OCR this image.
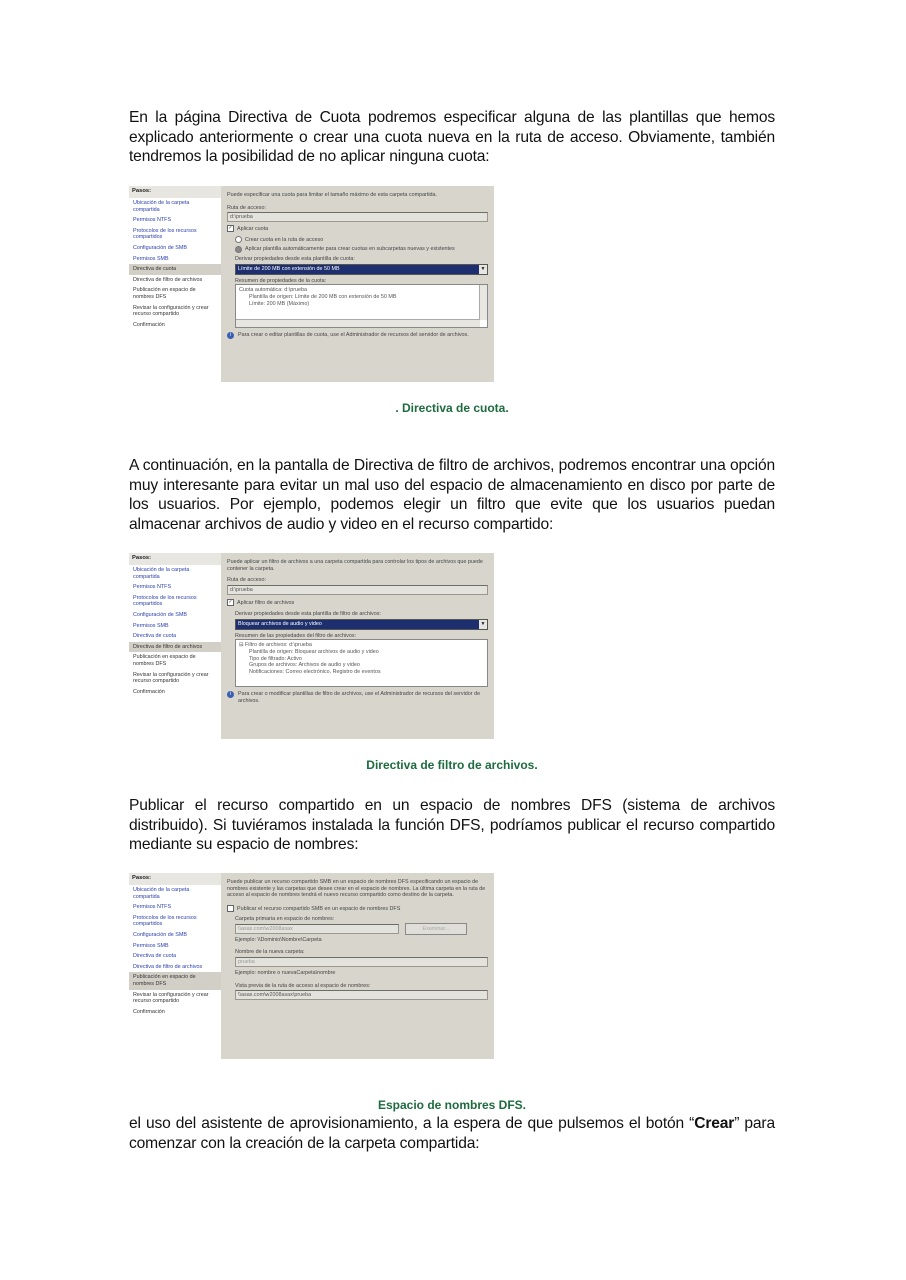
En la página Directiva de Cuota podremos especificar alguna de las plantillas que hemos explicado anteriormente o crear una cuota nueva en la ruta de acceso. Obviamente, también tendremos la posibilidad de no aplicar ninguna cuota:

Pasos:
Ubicación de la carpeta compartida
Permisos NTFS
Protocolos de los recursos compartidos
Configuración de SMB
Permisos SMB
Directiva de cuota
Directiva de filtro de archivos
Publicación en espacio de nombres DFS
Revisar la configuración y crear recurso compartido
Confirmación
Puede especificar una cuota para limitar el tamaño máximo de esta carpeta compartida.
Ruta de acceso:
d:\prueba
✓ Aplicar cuota
Crear cuota en la ruta de acceso
Aplicar plantilla automáticamente para crear cuotas en subcarpetas nuevas y existentes
Derivar propiedades desde esta plantilla de cuota:
Límite de 200 MB con extensión de 50 MB	▼
Resumen de propiedades de la cuota:
Cuota automática: d:\prueba
Plantilla de origen: Límite de 200 MB con extensión de 50 MB
Límite: 200 MB (Máximo)
i	Para crear o editar plantillas de cuota, use el Administrador de recursos del servidor de archivos.
. Directiva de cuota.

A continuación, en la pantalla de Directiva de filtro de archivos, podremos encontrar una opción muy interesante para evitar un mal uso del espacio de almacenamiento en disco por parte de los usuarios. Por ejemplo, podemos elegir un filtro que evite que los usuarios puedan almacenar archivos de audio y video en el recurso compartido:

Pasos:
Ubicación de la carpeta compartida
Permisos NTFS
Protocolos de los recursos compartidos
Configuración de SMB
Permisos SMB
Directiva de cuota
Directiva de filtro de archivos
Publicación en espacio de nombres DFS
Revisar la configuración y crear recurso compartido
Confirmación
Puede aplicar un filtro de archivos a una carpeta compartida para controlar los tipos de archivos que puede contener la carpeta.
Ruta de acceso:
d:\prueba
✓ Aplicar filtro de archivos
Derivar propiedades desde esta plantilla de filtro de archivos:
Bloquear archivos de audio y video	▼
Resumen de las propiedades del filtro de archivos:
⊟ Filtro de archivos: d:\prueba
Plantilla de origen: Bloquear archivos de audio y video
Tipo de filtrado: Activo
Grupos de archivos: Archivos de audio y video
Notificaciones: Correo electrónico, Registro de eventos
i	Para crear o modificar plantillas de filtro de archivos, use el Administrador de recursos del servidor de archivos.
Directiva de filtro de archivos.

Publicar el recurso compartido en un espacio de nombres DFS (sistema de archivos distribuido). Si tuviéramos instalada la función DFS, podríamos publicar el recurso compartido mediante su espacio de nombres:

Pasos:
Ubicación de la carpeta compartida
Permisos NTFS
Protocolos de los recursos compartidos
Configuración de SMB
Permisos SMB
Directiva de cuota
Directiva de filtro de archivos
Publicación en espacio de nombres DFS
Revisar la configuración y crear recurso compartido
Confirmación
Puede publicar un recurso compartido SMB en un espacio de nombres DFS especificando un espacio de nombres existente y las carpetas que desee crear en el espacio de nombres. La última carpeta en la ruta de acceso al espacio de nombres tendrá el nuevo recurso compartido como destino de la carpeta.
Publicar el recurso compartido SMB en un espacio de nombres DFS
Carpeta primaria en espacio de nombres:
\\asax.com\w2008asax	Examinar...
Ejemplo: \\Dominio\Nombre\Carpeta
Nombre de la nueva carpeta:
prueba
Ejemplo: nombre o nuevaCarpeta\nombre
Vista previa de la ruta de acceso al espacio de nombres:
\\asax.com\w2008asax\prueba
Espacio de nombres DFS.

el uso del asistente de aprovisionamiento, a la espera de que pulsemos el botón “Crear” para comenzar con la creación de la carpeta compartida:
